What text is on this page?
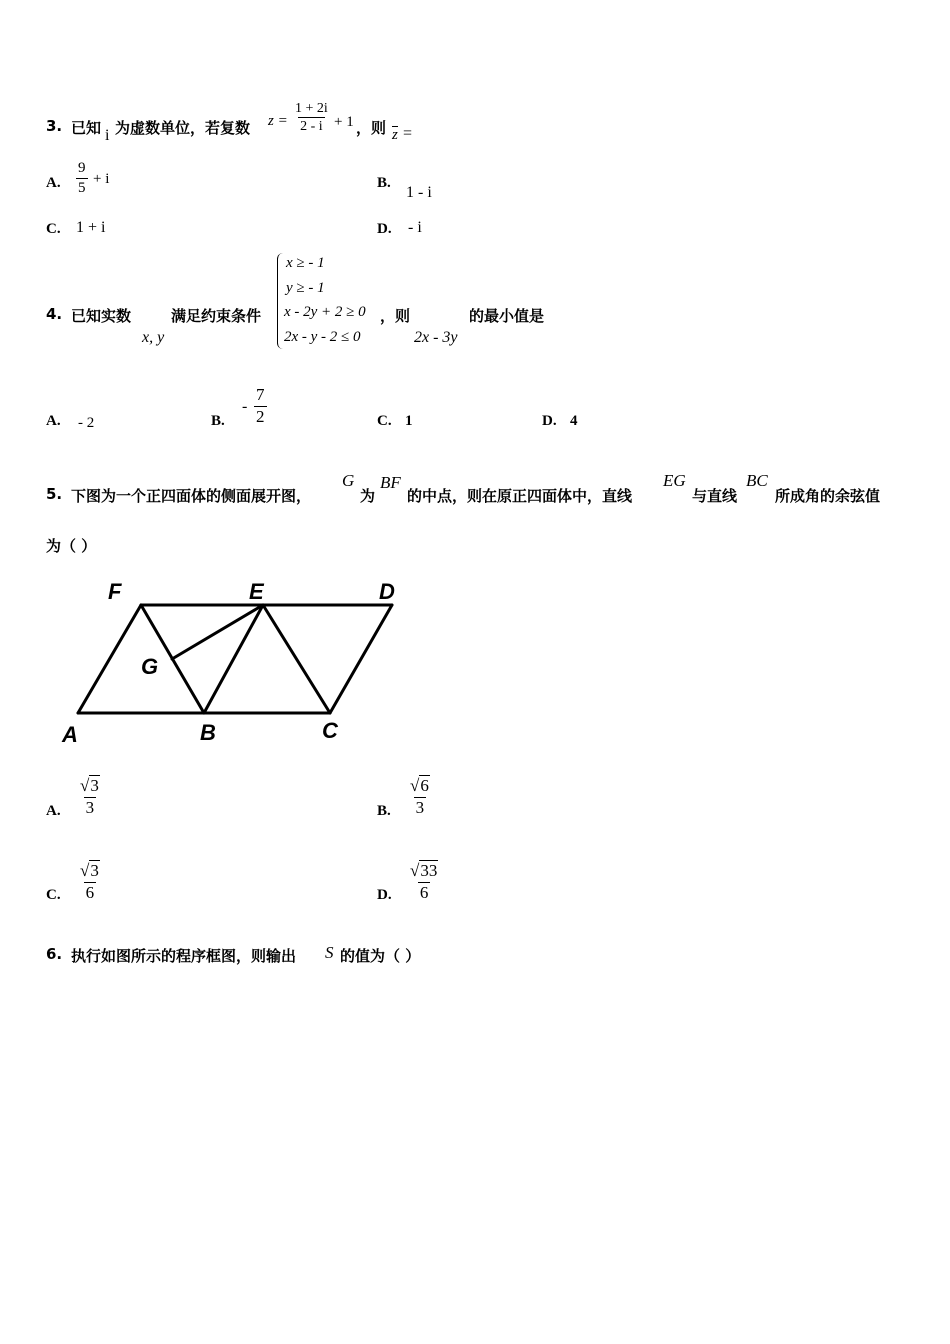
3. 已知 i 为虚数单位，若复数 $z = \frac{1 + 2i}{2 - i} + 1$ ，则 z =
A. $\frac{9}{5} + i$	B.
1 - i
C. 1 + i	D. - i
4. 已知实数
x, y
满足约束条件
x ≥ - 1
y ≥ - 1
x - 2y + 2 ≥ 0
2x - y - 2 ≤ 0
，则
2x - 3y
的最小值是
A. - 2	B.
- $\frac{7}{2}$	C. 1	D. 4
5. 下图为一个正四面体的侧面展开图，
G
为
BF
的中点，则在原正四面体中，直线
EG
与直线
BC
所成角的余弦值
为（ ）
F	E	D
G
A	B	C
A. $\frac{√3}{3}$	B. $\frac{√6}{3}$
C. $\frac{√3}{6}$	D. $\frac{√33}{6}$
6. 执行如图所示的程序框图，则输出 S 的值为（ ）
